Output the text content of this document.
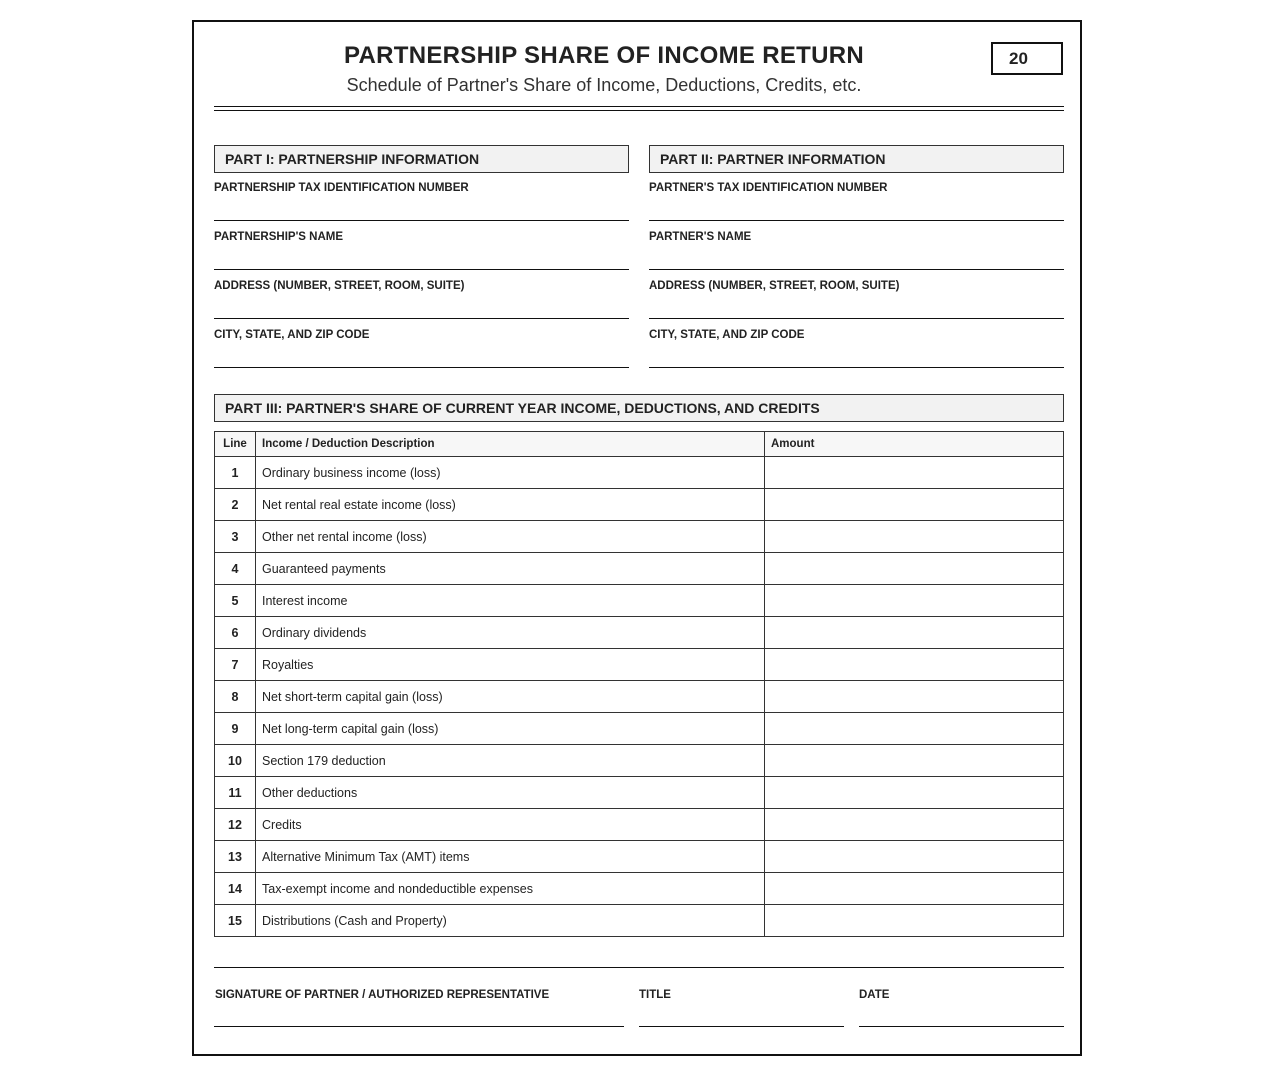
PARTNERSHIP SHARE OF INCOME RETURN
Schedule of Partner's Share of Income, Deductions, Credits, etc.
20
PART I: PARTNERSHIP INFORMATION
PARTNERSHIP TAX IDENTIFICATION NUMBER
PARTNERSHIP'S NAME
ADDRESS (NUMBER, STREET, ROOM, SUITE)
CITY, STATE, AND ZIP CODE
PART II: PARTNER INFORMATION
PARTNER'S TAX IDENTIFICATION NUMBER
PARTNER'S NAME
ADDRESS (NUMBER, STREET, ROOM, SUITE)
CITY, STATE, AND ZIP CODE
PART III: PARTNER'S SHARE OF CURRENT YEAR INCOME, DEDUCTIONS, AND CREDITS
Line	Income / Deduction Description	Amount
1	Ordinary business income (loss)	
2	Net rental real estate income (loss)	
3	Other net rental income (loss)	
4	Guaranteed payments	
5	Interest income	
6	Ordinary dividends	
7	Royalties	
8	Net short-term capital gain (loss)	
9	Net long-term capital gain (loss)	
10	Section 179 deduction	
11	Other deductions	
12	Credits	
13	Alternative Minimum Tax (AMT) items	
14	Tax-exempt income and nondeductible expenses	
15	Distributions (Cash and Property)	
SIGNATURE OF PARTNER / AUTHORIZED REPRESENTATIVE	TITLE	DATE
